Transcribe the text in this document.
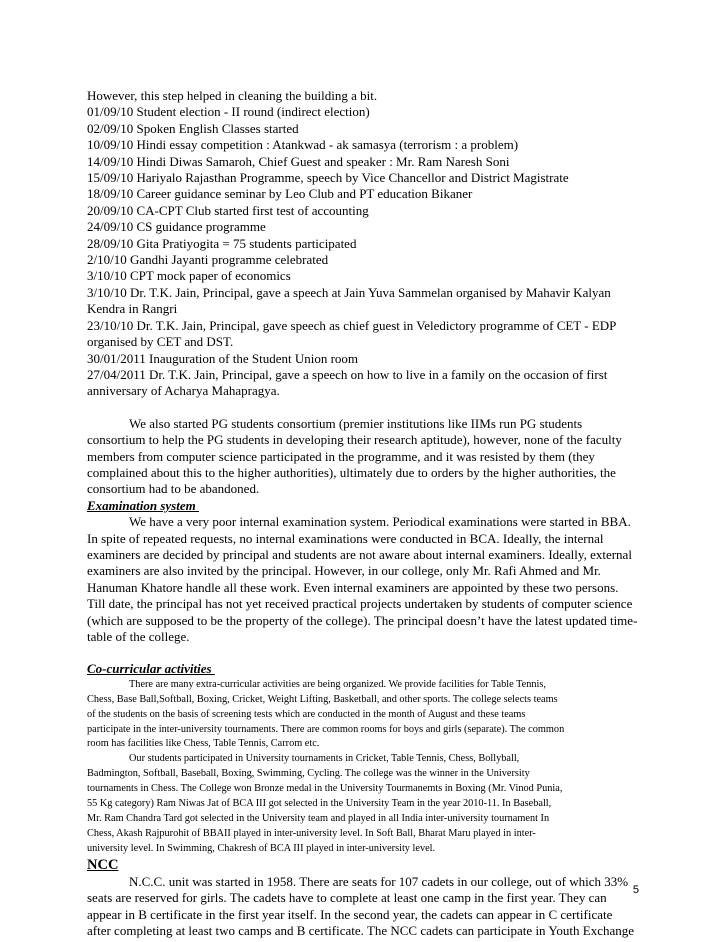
However, this step helped in cleaning the building a bit.
01/09/10 Student election - II round (indirect election)
02/09/10 Spoken English Classes started
10/09/10 Hindi essay competition : Atankwad - ak samasya (terrorism : a problem)
14/09/10 Hindi Diwas Samaroh, Chief Guest and speaker : Mr. Ram Naresh Soni
15/09/10 Hariyalo Rajasthan Programme, speech by Vice Chancellor and District Magistrate
18/09/10 Career guidance seminar by Leo Club and PT education Bikaner
20/09/10 CA-CPT Club started first test of accounting
24/09/10 CS guidance programme
28/09/10 Gita Pratiyogita = 75 students participated
2/10/10 Gandhi Jayanti programme celebrated
3/10/10 CPT mock paper of economics
3/10/10 Dr. T.K. Jain, Principal, gave a speech at Jain Yuva Sammelan organised by Mahavir Kalyan
Kendra in Rangri
23/10/10 Dr. T.K. Jain, Principal, gave speech as chief guest in Veledictory programme of CET - EDP
organised by CET and DST.
30/01/2011 Inauguration of the Student Union room
27/04/2011 Dr. T.K. Jain, Principal, gave a speech on how to live in a family on the occasion of first
anniversary of Acharya Mahapragya.
We also started PG students consortium (premier institutions like IIMs run PG students
consortium to help the PG students in developing their research aptitude), however, none of the faculty
members from computer science participated in the programme, and it was resisted by them (they
complained about this to the higher authorities), ultimately due to orders by the higher authorities, the
consortium had to be abandoned.
Examination system
We have a very poor internal examination system. Periodical examinations were started in BBA.
In spite of repeated requests, no internal examinations were conducted in BCA. Ideally, the internal
examiners are decided by principal and students are not aware about internal examiners. Ideally, external
examiners are also invited by the principal. However, in our college, only Mr. Rafi Ahmed and Mr.
Hanuman Khatore handle all these work. Even internal examiners are appointed by these two persons.
Till date, the principal has not yet received practical projects undertaken by students of computer science
(which are supposed to be the property of the college). The principal doesn’t have the latest updated time-
table of the college.
Co-curricular activities
There are many extra-curricular activities are being organized. We provide facilities for Table Tennis,
Chess, Base Ball,Softball, Boxing, Cricket, Weight Lifting, Basketball, and other sports. The college selects teams
of the students on the basis of screening tests which are conducted in the month of August and these teams
participate in the inter-university tournaments. There are common rooms for boys and girls (separate). The common
room has facilities like Chess, Table Tennis, Carrom etc.
Our students participated in University tournaments in Cricket, Table Tennis, Chess, Bollyball,
Badmington, Softball, Baseball, Boxing, Swimming, Cycling. The college was the winner in the University
tournaments in Chess. The College won Bronze medal in the University Tourmanemts in Boxing (Mr. Vinod Punia,
55 Kg category) Ram Niwas Jat of BCA III got selected in the University Team in the year 2010-11. In Baseball,
Mr. Ram Chandra Tard got selected in the University team and played in all India inter-university tournament In
Chess, Akash Rajpurohit of BBAII played in inter-university level. In Soft Ball, Bharat Maru played in inter-
university level. In Swimming, Chakresh of BCA III played in inter-university level.
NCC
N.C.C. unit was started in 1958. There are seats for 107 cadets in our college, out of which 33%
seats are reserved for girls. The cadets have to complete at least one camp in the first year. They can
appear in B certificate in the first year itself. In the second year, the cadets can appear in C certificate
after completing at least two camps and B certificate. The NCC cadets can participate in Youth Exchange
5
